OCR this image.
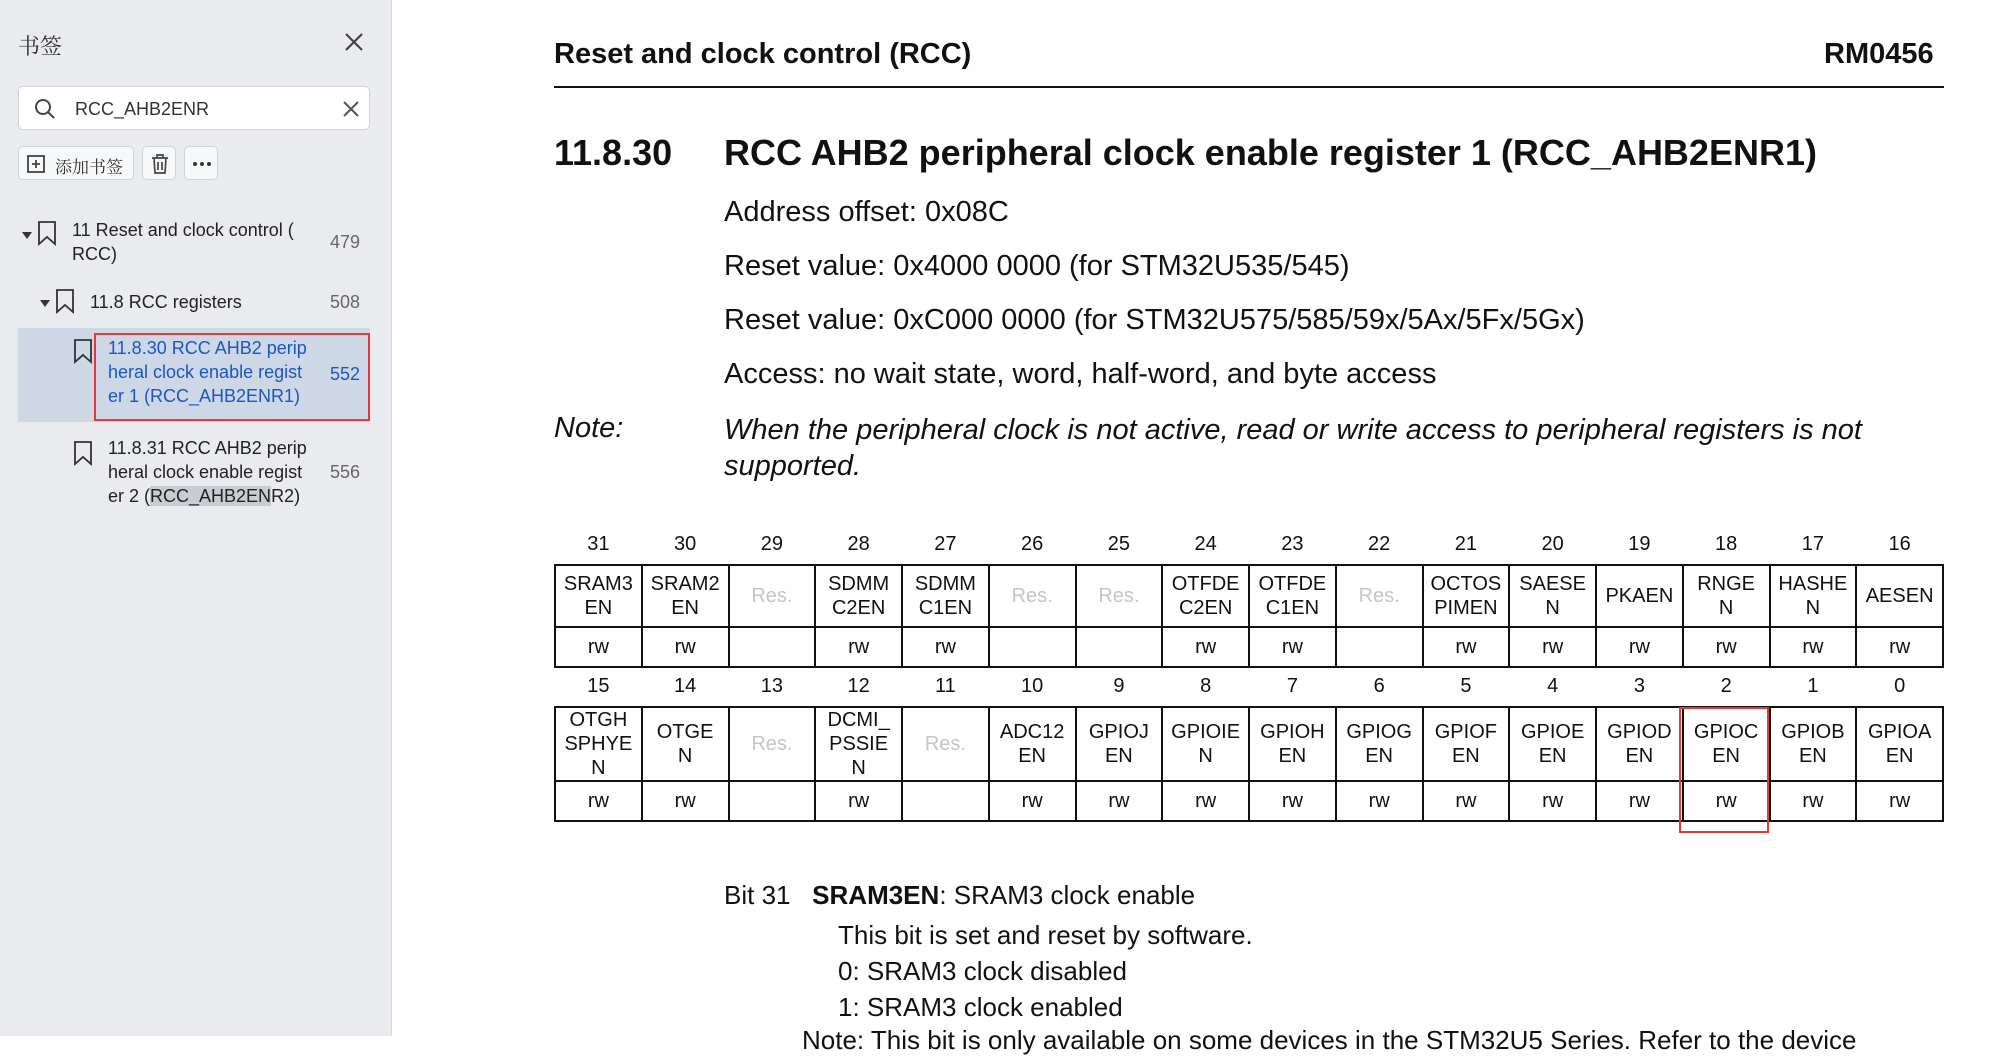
书签
RCC_AHB2ENR
添加书签
11 Reset and clock control (
RCC)
479
11.8 RCC registers	508
11.8.30 RCC AHB2 perip
heral clock enable regist
er 1 (RCC_AHB2ENR1)
552
11.8.31 RCC AHB2 perip
heral clock enable regist
er 2 (RCC_AHB2ENR2)
556
Reset and clock control (RCC)	RM0456
11.8.30 RCC AHB2 peripheral clock enable register 1 (RCC_AHB2ENR1)
Address offset: 0x08C
Reset value: 0x4000 0000 (for STM32U535/545)
Reset value: 0xC000 0000 (for STM32U575/585/59x/5Ax/5Fx/5Gx)
Access: no wait state, word, half-word, and byte access
Note:	When the peripheral clock is not active, read or write access to peripheral registers is not supported.
31	30	29	28	27	26	25	24	23	22	21	20	19	18	17	16
SRAM3
EN	SRAM2
EN	Res.	SDMM
C2EN	SDMM
C1EN	Res.	Res.	OTFDE
C2EN	OTFDE
C1EN	Res.	OCTOS
PIMEN	SAESE
N	PKAEN	RNGE
N	HASHE
N	AESEN
rw	rw		rw	rw			rw	rw		rw	rw	rw	rw	rw	rw
15	14	13	12	11	10	9	8	7	6	5	4	3	2	1	0
OTGH
SPHYE
N	OTGE
N	Res.	DCMI_
PSSIE
N	Res.	ADC12
EN	GPIOJ
EN	GPIOIE
N	GPIOH
EN	GPIOG
EN	GPIOF
EN	GPIOE
EN	GPIOD
EN	GPIOC
EN	GPIOB
EN	GPIOA
EN
rw	rw		rw		rw	rw	rw	rw	rw	rw	rw	rw	rw	rw	rw
Bit 31 SRAM3EN: SRAM3 clock enable
This bit is set and reset by software.
0: SRAM3 clock disabled
1: SRAM3 clock enabled
Note: This bit is only available on some devices in the STM32U5 Series. Refer to the device
